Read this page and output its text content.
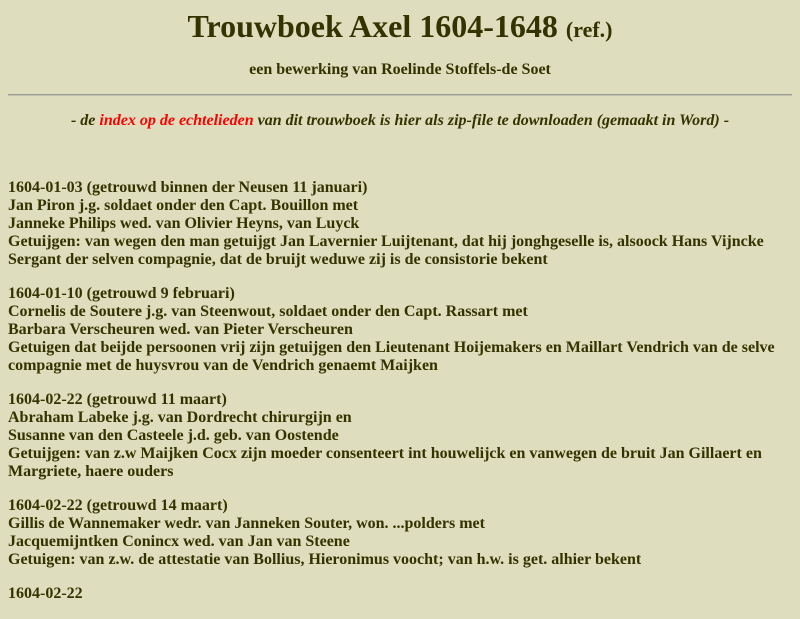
Trouwboek Axel 1604-1648 (ref.)

een bewerking van Roelinde Stoffels-de Soet

- de index op de echtelieden van dit trouwboek is hier als zip-file te downloaden (gemaakt in Word) -

1604-01-03 (getrouwd binnen der Neusen 11 januari)
Jan Piron j.g. soldaet onder den Capt. Bouillon met
Janneke Philips wed. van Olivier Heyns, van Luyck
Getuijgen: van wegen den man getuijgt Jan Lavernier Luijtenant, dat hij jonghgeselle is, alsoock Hans Vijncke
Sergant der selven compagnie, dat de bruijt weduwe zij is de consistorie bekent
1604-01-10 (getrouwd 9 februari)
Cornelis de Soutere j.g. van Steenwout, soldaet onder den Capt. Rassart met
Barbara Verscheuren wed. van Pieter Verscheuren
Getuigen dat beijde persoonen vrij zijn getuijgen den Lieutenant Hoijemakers en Maillart Vendrich van de selve
compagnie met de huysvrou van de Vendrich genaemt Maijken
1604-02-22 (getrouwd 11 maart)
Abraham Labeke j.g. van Dordrecht chirurgijn en
Susanne van den Casteele j.d. geb. van Oostende
Getuijgen: van z.w Maijken Cocx zijn moeder consenteert int houwelijck en vanwegen de bruit Jan Gillaert en
Margriete, haere ouders
1604-02-22 (getrouwd 14 maart)
Gillis de Wannemaker wedr. van Janneken Souter, won. ...polders met
Jacquemijntken Conincx wed. van Jan van Steene
Getuigen: van z.w. de attestatie van Bollius, Hieronimus voocht; van h.w. is get. alhier bekent
1604-02-22
